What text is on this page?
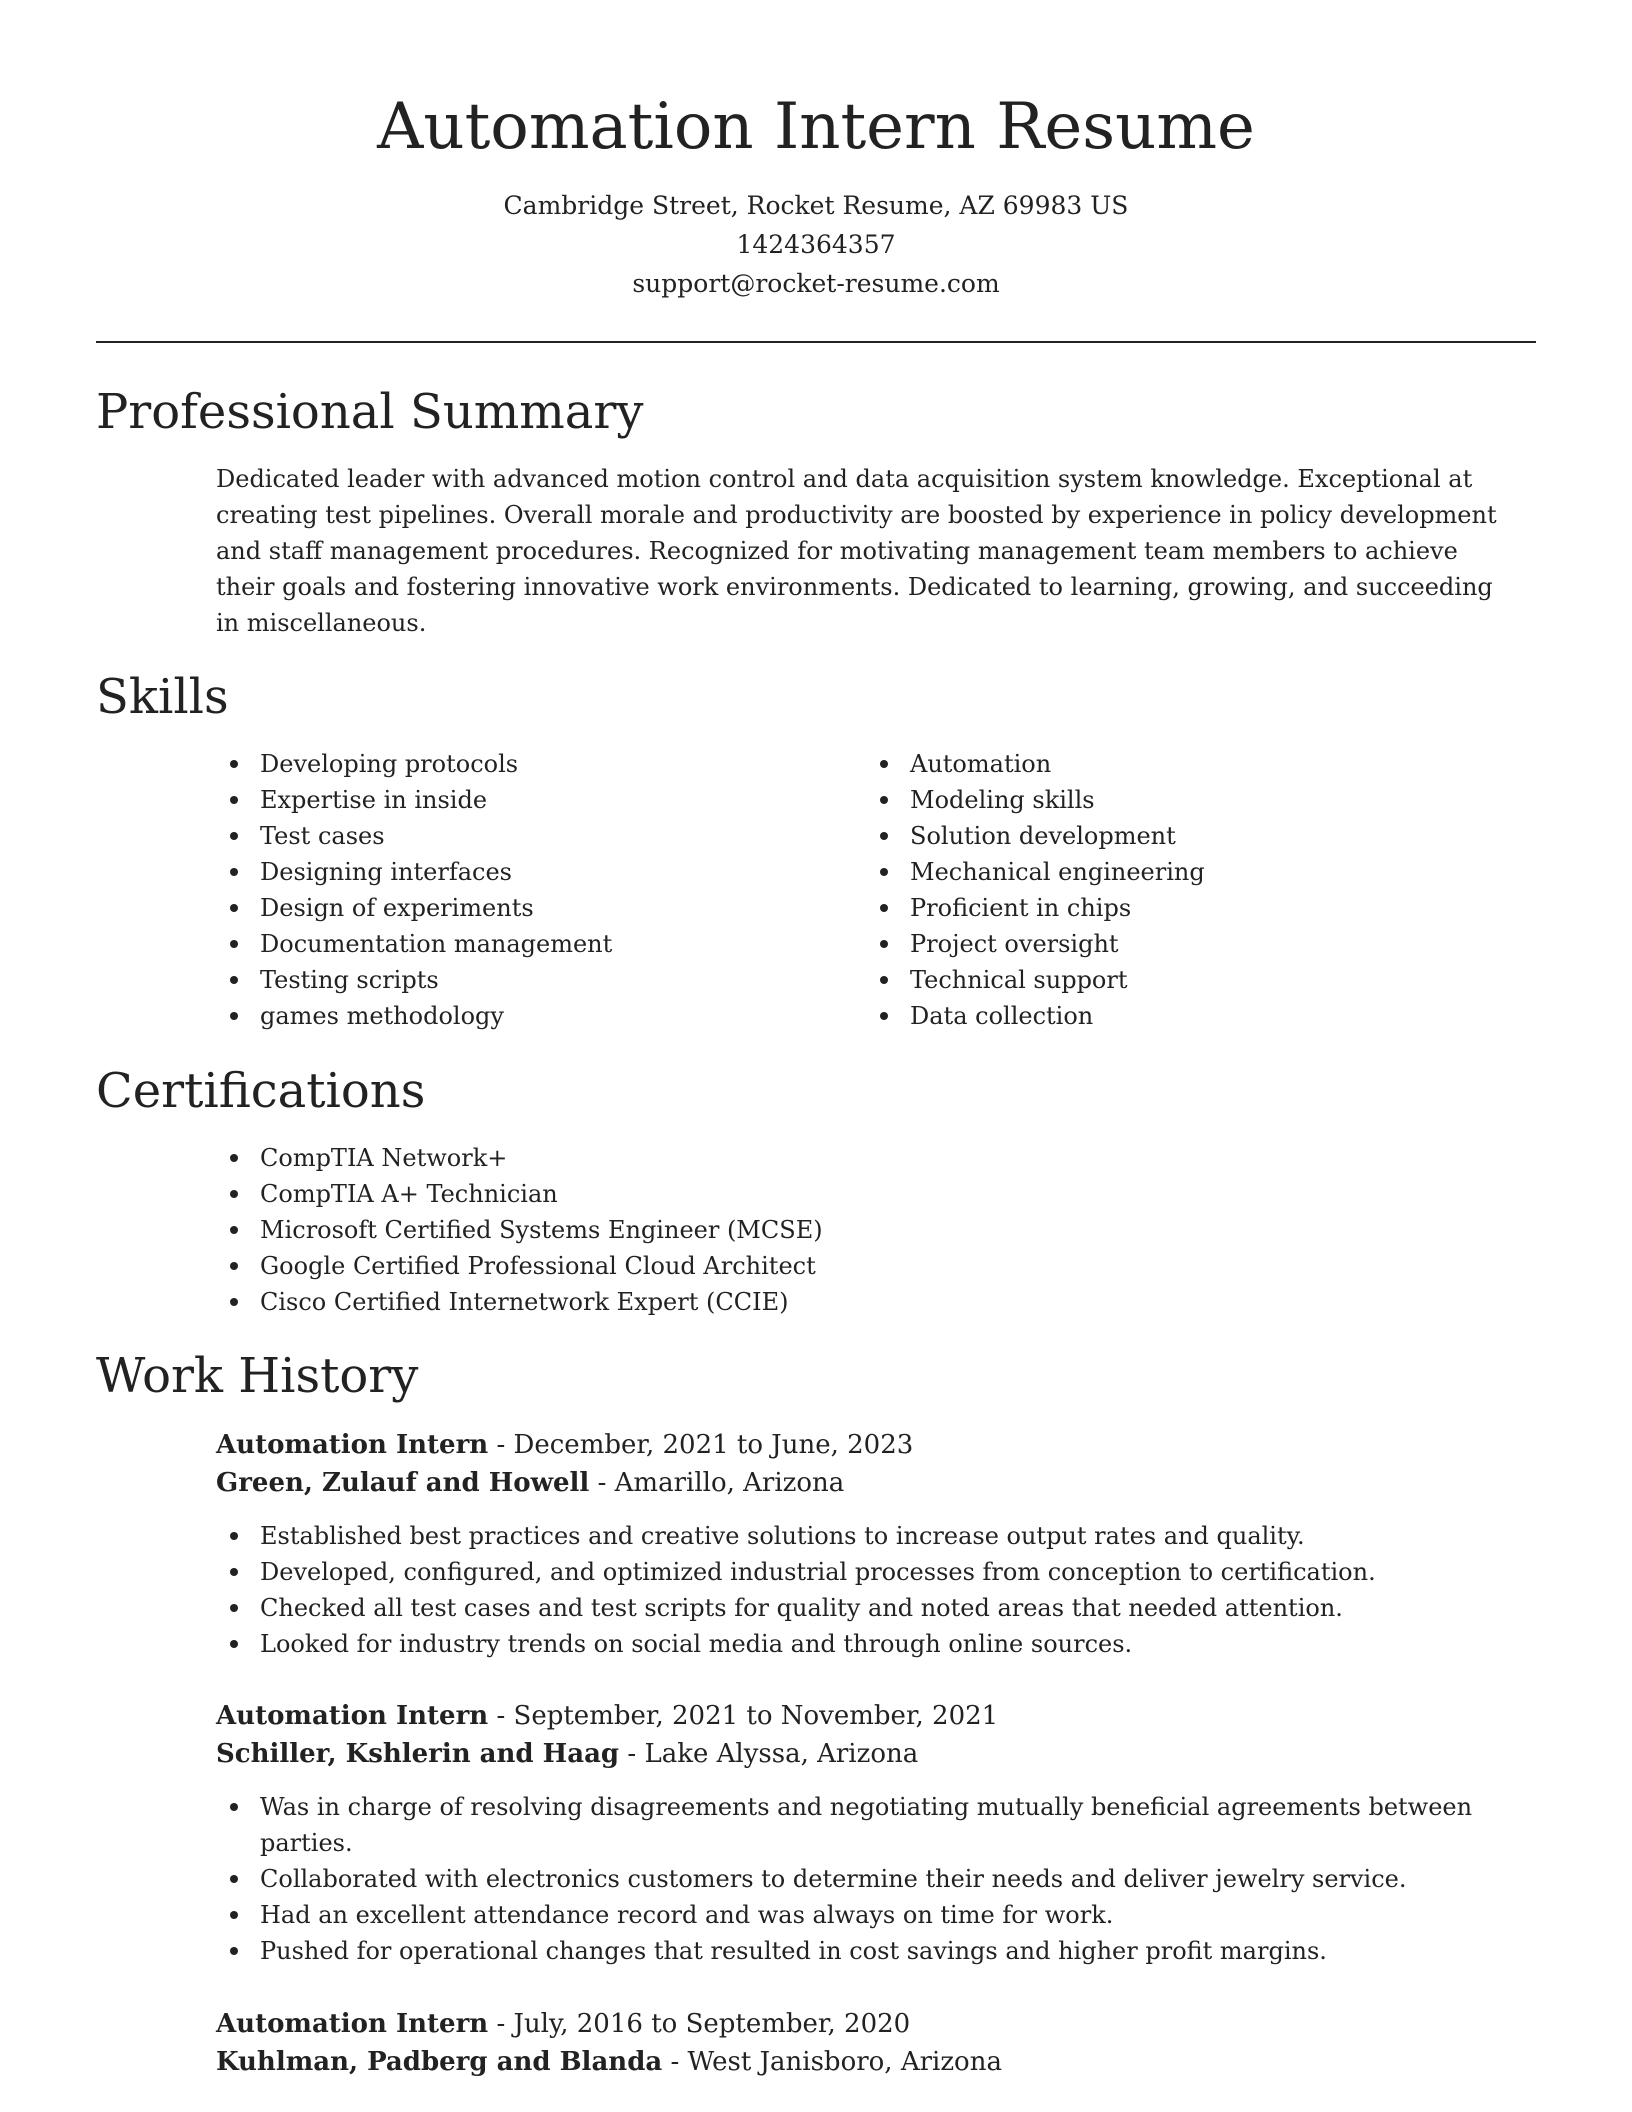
Automation Intern Resume
Cambridge Street, Rocket Resume, AZ 69983 US
1424364357
support@rocket-resume.com
Professional Summary
Dedicated leader with advanced motion control and data acquisition system knowledge. Exceptional at creating test pipelines. Overall morale and productivity are boosted by experience in policy development and staff management procedures. Recognized for motivating management team members to achieve their goals and fostering innovative work environments. Dedicated to learning, growing, and succeeding in miscellaneous.
Skills
Developing protocols
Expertise in inside
Test cases
Designing interfaces
Design of experiments
Documentation management
Testing scripts
games methodology
Automation
Modeling skills
Solution development
Mechanical engineering
Proficient in chips
Project oversight
Technical support
Data collection
Certifications
CompTIA Network+
CompTIA A+ Technician
Microsoft Certified Systems Engineer (MCSE)
Google Certified Professional Cloud Architect
Cisco Certified Internetwork Expert (CCIE)
Work History
Automation Intern - December, 2021 to June, 2023
Green, Zulauf and Howell - Amarillo, Arizona
Established best practices and creative solutions to increase output rates and quality.
Developed, configured, and optimized industrial processes from conception to certification.
Checked all test cases and test scripts for quality and noted areas that needed attention.
Looked for industry trends on social media and through online sources.
Automation Intern - September, 2021 to November, 2021
Schiller, Kshlerin and Haag - Lake Alyssa, Arizona
Was in charge of resolving disagreements and negotiating mutually beneficial agreements between parties.
Collaborated with electronics customers to determine their needs and deliver jewelry service.
Had an excellent attendance record and was always on time for work.
Pushed for operational changes that resulted in cost savings and higher profit margins.
Automation Intern - July, 2016 to September, 2020
Kuhlman, Padberg and Blanda - West Janisboro, Arizona
